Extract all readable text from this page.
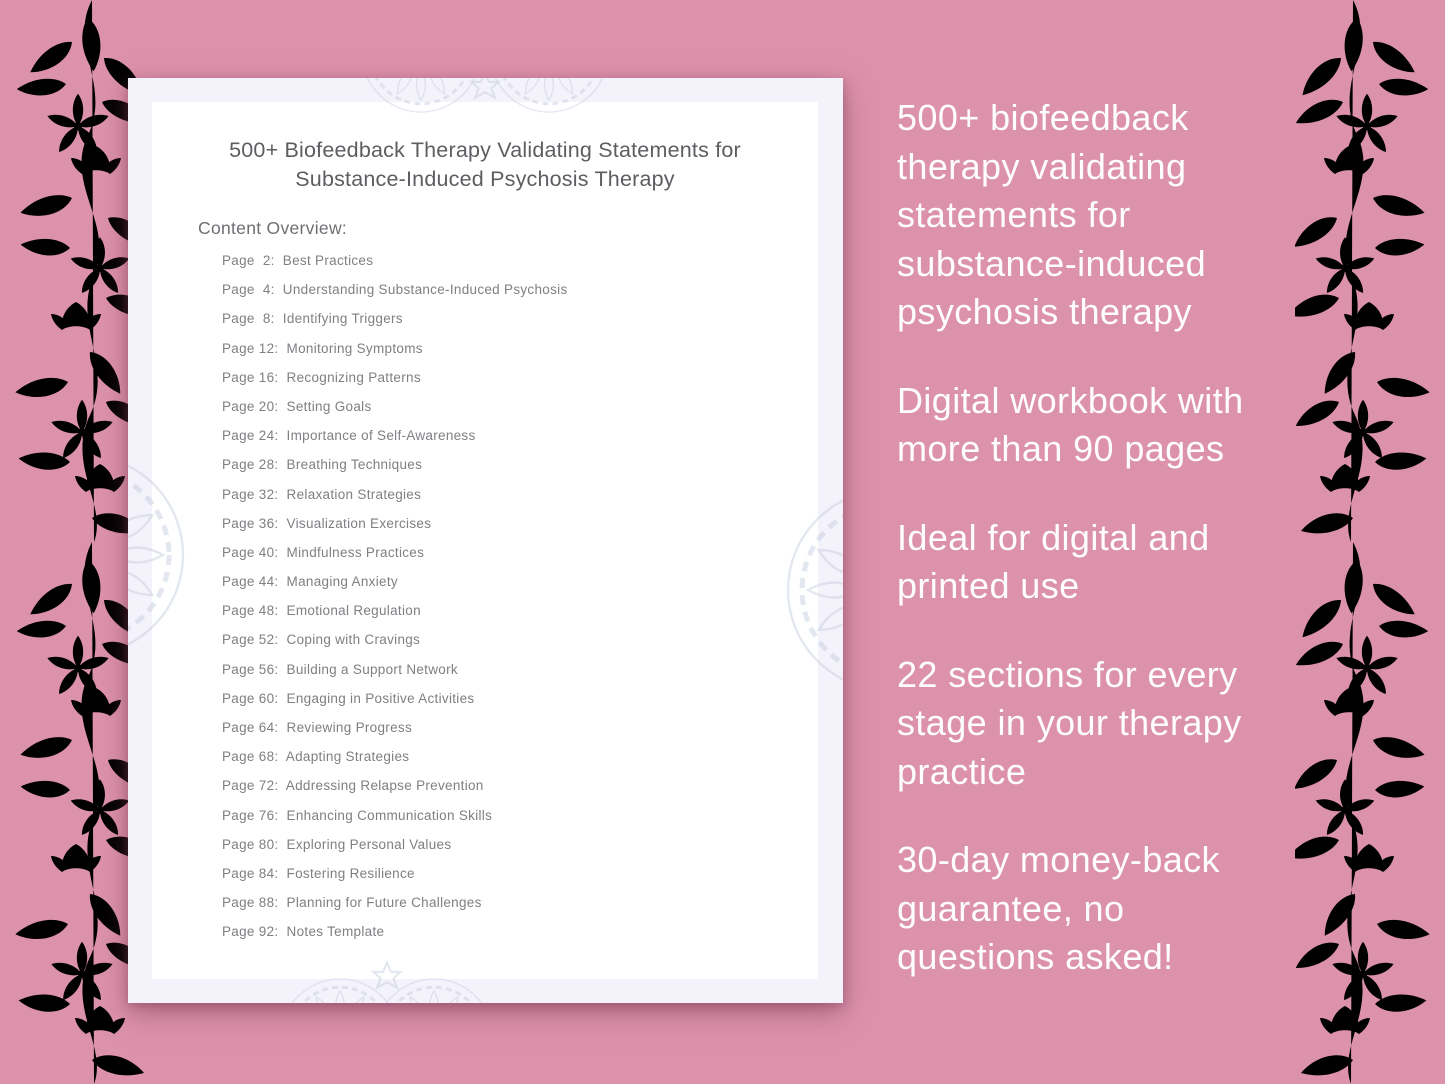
500+ Biofeedback Therapy Validating Statements for Substance-Induced Psychosis Therapy
Content Overview:
Page  2:  Best Practices
Page  4:  Understanding Substance-Induced Psychosis
Page  8:  Identifying Triggers
Page 12:  Monitoring Symptoms
Page 16:  Recognizing Patterns
Page 20:  Setting Goals
Page 24:  Importance of Self-Awareness
Page 28:  Breathing Techniques
Page 32:  Relaxation Strategies
Page 36:  Visualization Exercises
Page 40:  Mindfulness Practices
Page 44:  Managing Anxiety
Page 48:  Emotional Regulation
Page 52:  Coping with Cravings
Page 56:  Building a Support Network
Page 60:  Engaging in Positive Activities
Page 64:  Reviewing Progress
Page 68:  Adapting Strategies
Page 72:  Addressing Relapse Prevention
Page 76:  Enhancing Communication Skills
Page 80:  Exploring Personal Values
Page 84:  Fostering Resilience
Page 88:  Planning for Future Challenges
Page 92:  Notes Template

500+ biofeedback
therapy validating
statements for
substance-induced
psychosis therapy

Digital workbook with
more than 90 pages

Ideal for digital and
printed use

22 sections for every
stage in your therapy
practice

30-day money-back
guarantee, no
questions asked!
